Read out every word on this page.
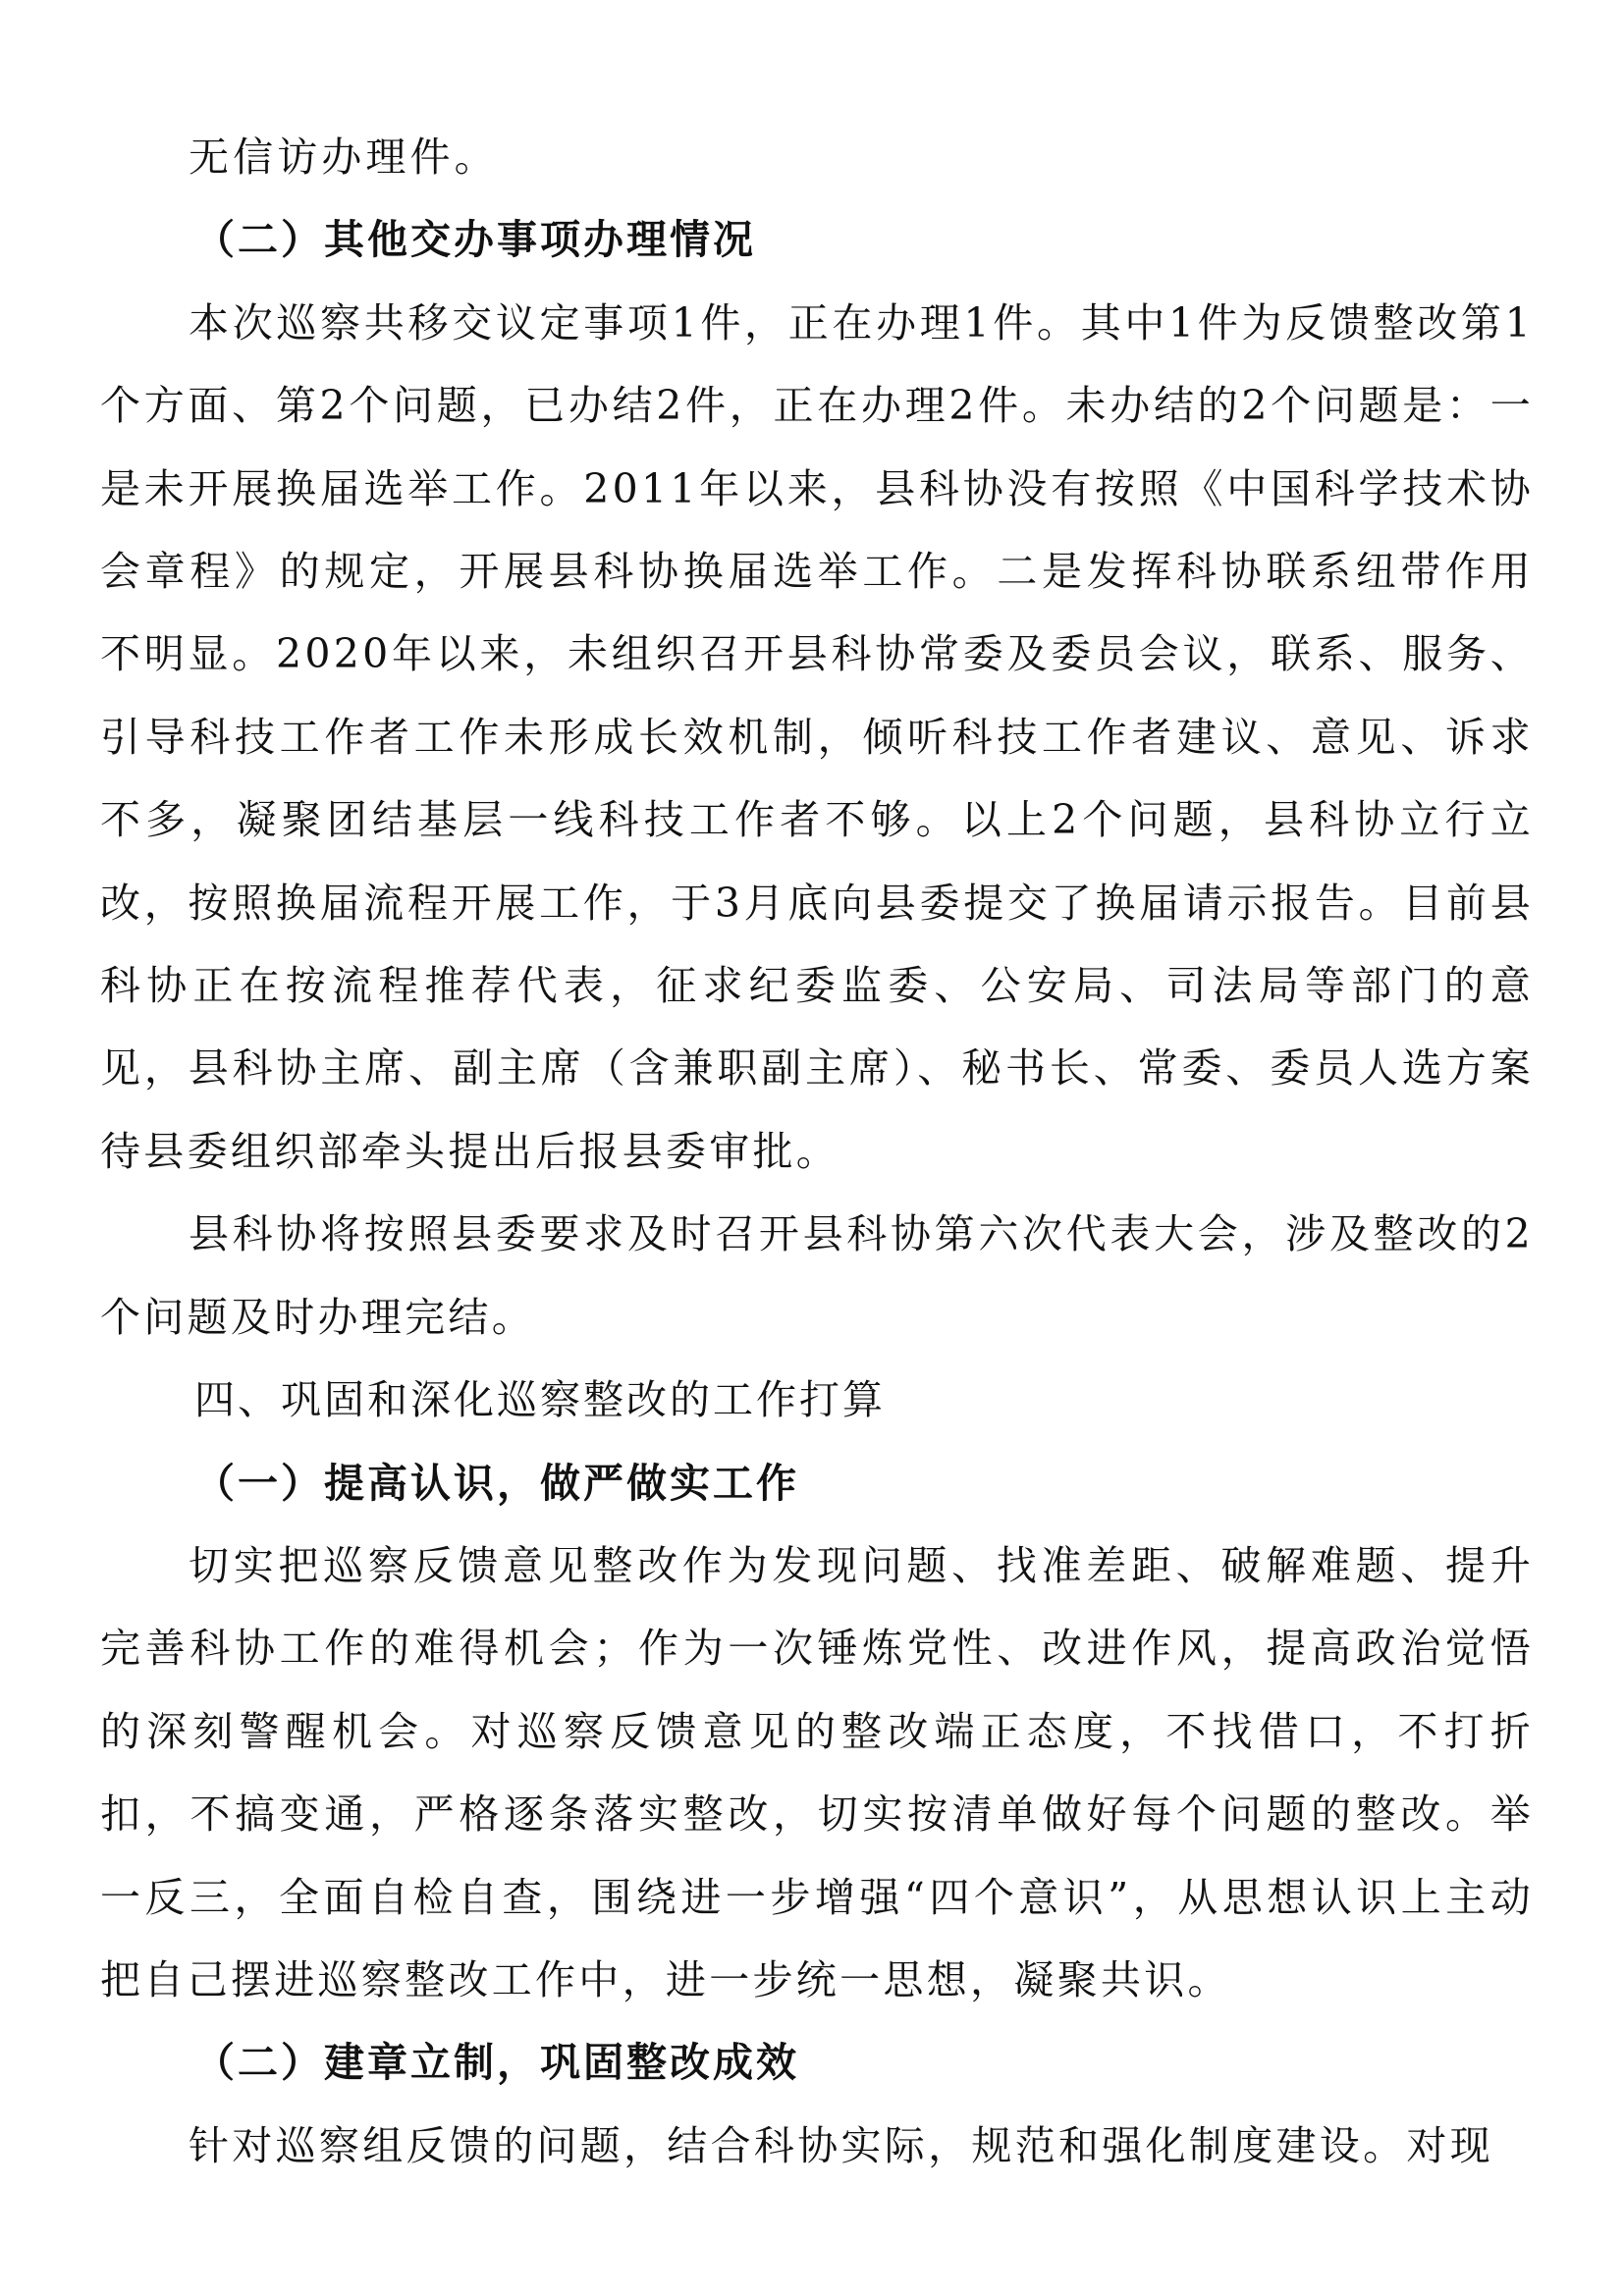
无信访办理件。

（二）其他交办事项办理情况

本次巡察共移交议定事项1件，正在办理1件。其中1件为反馈整改第1个方面、第2个问题，已办结2件，正在办理2件。未办结的2个问题是：一是未开展换届选举工作。2011年以来，县科协没有按照《中国科学技术协会章程》的规定，开展县科协换届选举工作。二是发挥科协联系纽带作用不明显。2020年以来，未组织召开县科协常委及委员会议，联系、服务、引导科技工作者工作未形成长效机制，倾听科技工作者建议、意见、诉求不多，凝聚团结基层一线科技工作者不够。以上2个问题，县科协立行立改，按照换届流程开展工作，于3月底向县委提交了换届请示报告。目前县科协正在按流程推荐代表，征求纪委监委、公安局、司法局等部门的意见，县科协主席、副主席（含兼职副主席）、秘书长、常委、委员人选方案待县委组织部牵头提出后报县委审批。

县科协将按照县委要求及时召开县科协第六次代表大会，涉及整改的2个问题及时办理完结。

四、巩固和深化巡察整改的工作打算

（一）提高认识，做严做实工作

切实把巡察反馈意见整改作为发现问题、找准差距、破解难题、提升完善科协工作的难得机会；作为一次锤炼党性、改进作风，提高政治觉悟的深刻警醒机会。对巡察反馈意见的整改端正态度，不找借口，不打折扣，不搞变通，严格逐条落实整改，切实按清单做好每个问题的整改。举一反三，全面自检自查，围绕进一步增强“四个意识”，从思想认识上主动把自己摆进巡察整改工作中，进一步统一思想，凝聚共识。

（二）建章立制，巩固整改成效

针对巡察组反馈的问题，结合科协实际，规范和强化制度建设。对现
